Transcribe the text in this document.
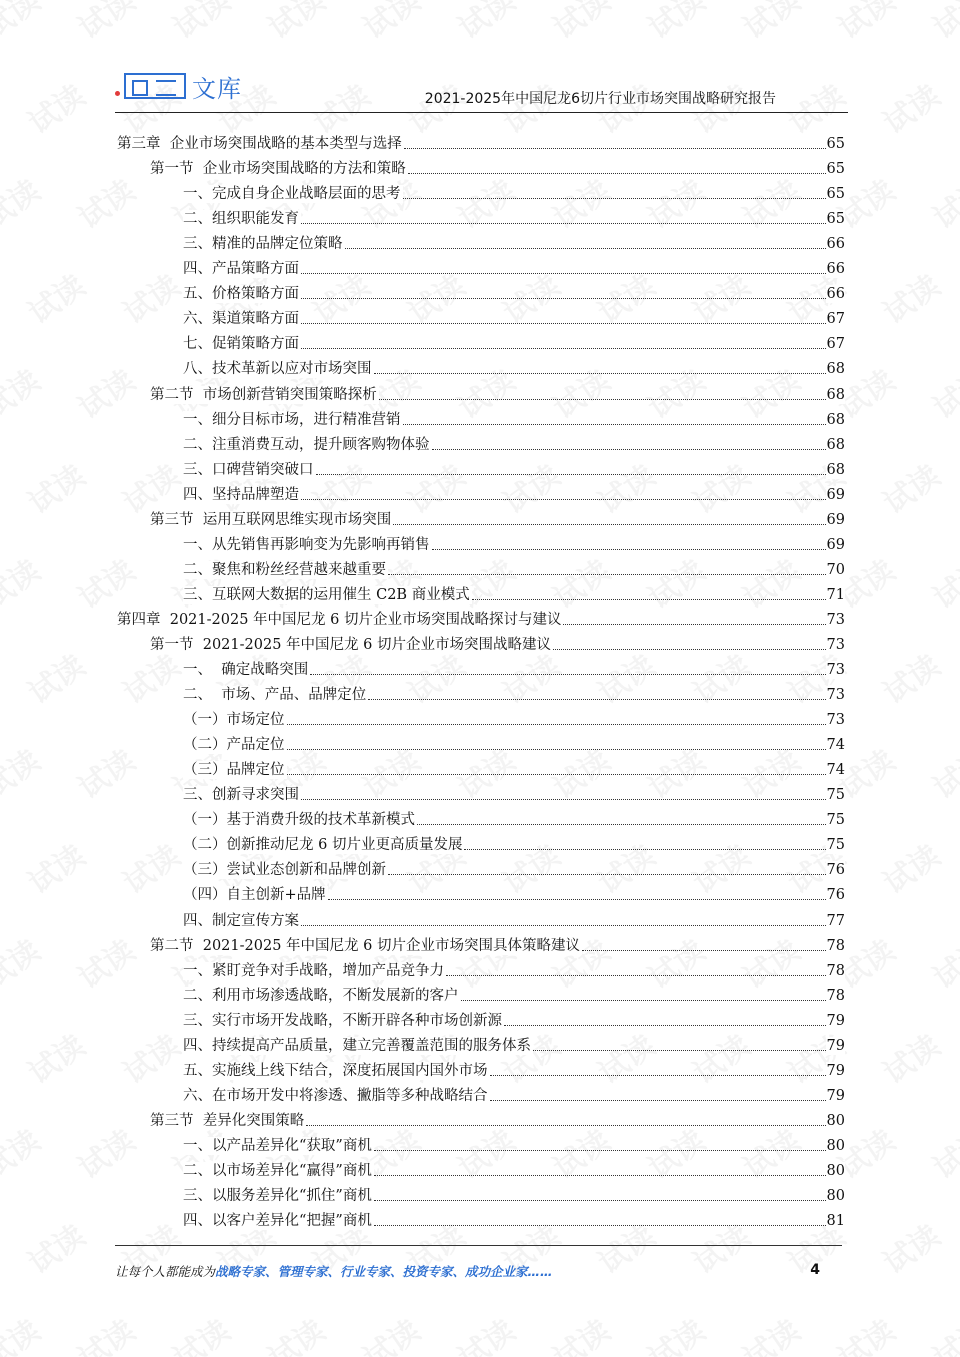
文库	2021-2025年中国尼龙6切片行业市场突围战略研究报告
第三章  企业市场突围战略的基本类型与选择	65
第一节  企业市场突围战略的方法和策略	65
一、完成自身企业战略层面的思考	65
二、组织职能发育	65
三、精准的品牌定位策略	66
四、产品策略方面	66
五、价格策略方面	66
六、渠道策略方面	67
七、促销策略方面	67
八、技术革新以应对市场突围	68
第二节  市场创新营销突围策略探析	68
一、细分目标市场，进行精准营销	68
二、注重消费互动，提升顾客购物体验	68
三、口碑营销突破口	68
四、坚持品牌塑造	69
第三节  运用互联网思维实现市场突围	69
一、从先销售再影响变为先影响再销售	69
二、聚焦和粉丝经营越来越重要	70
三、互联网大数据的运用催生 C2B 商业模式	71
第四章  2021-2025 年中国尼龙 6 切片企业市场突围战略探讨与建议	73
第一节  2021-2025 年中国尼龙 6 切片企业市场突围战略建议	73
一、  确定战略突围	73
二、  市场、产品、品牌定位	73
（一）市场定位	73
（二）产品定位	74
（三）品牌定位	74
三、创新寻求突围	75
（一）基于消费升级的技术革新模式	75
（二）创新推动尼龙 6 切片业更高质量发展	75
（三）尝试业态创新和品牌创新	76
（四）自主创新+品牌	76
四、制定宣传方案	77
第二节  2021-2025 年中国尼龙 6 切片企业市场突围具体策略建议	78
一、紧盯竞争对手战略，增加产品竞争力	78
二、利用市场渗透战略，不断发展新的客户	78
三、实行市场开发战略，不断开辟各种市场创新源	79
四、持续提高产品质量，建立完善覆盖范围的服务体系	79
五、实施线上线下结合，深度拓展国内国外市场	79
六、在市场开发中将渗透、撇脂等多种战略结合	79
第三节  差异化突围策略	80
一、以产品差异化“获取”商机	80
二、以市场差异化“赢得”商机	80
三、以服务差异化“抓住”商机	80
四、以客户差异化“把握”商机	81
让每个人都能成为 战略专家、管理专家、行业专家、投资专家、成功企业家……	4
